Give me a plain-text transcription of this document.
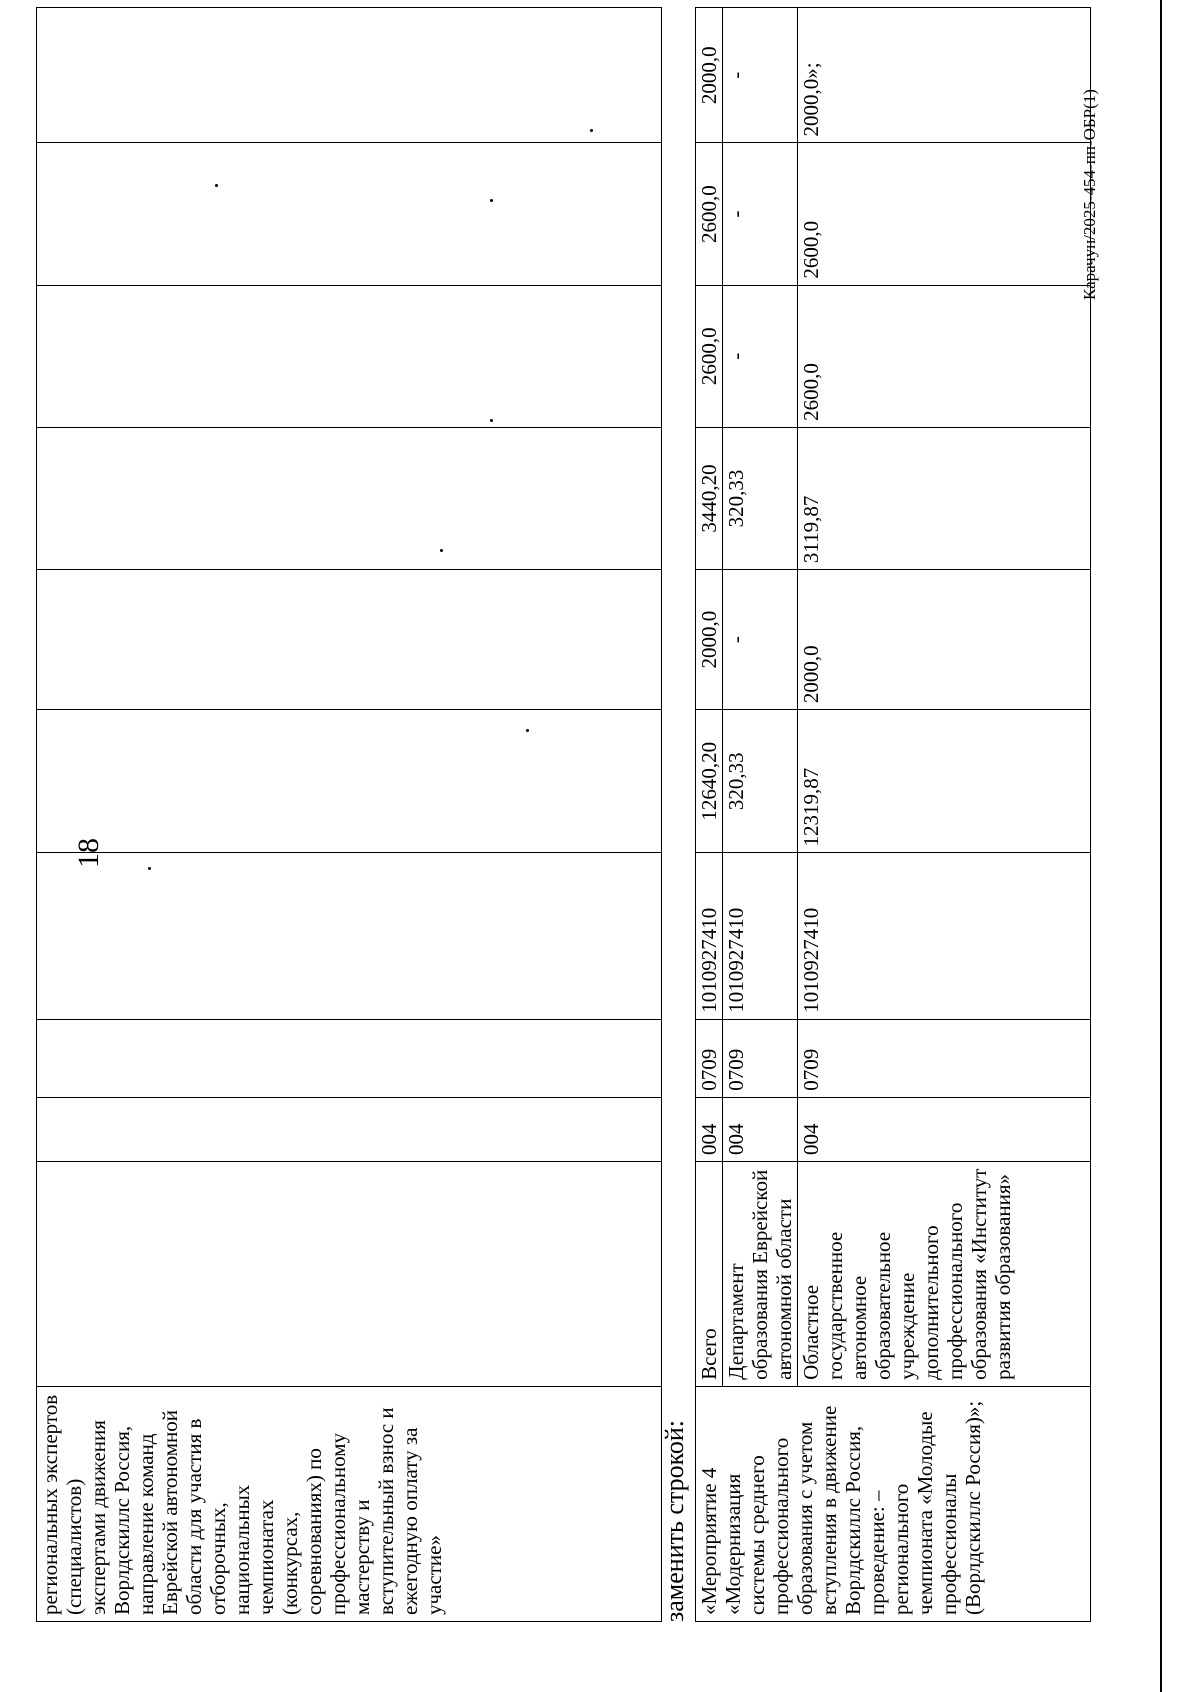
18
региональных экспертов (специалистов) экспертами движения Ворлдскиллс Россия, направление команд Еврейской автономной области для участия в отборочных, национальных чемпионатах (конкурсах, соревнованиях) по профессиональному мастерству и вступительный взнос и ежегодную оплату за участие»											заменить строкой: «Мероприятие 4 «Модернизация системы среднего профессионального образования с учетом вступления в движение Ворлдскиллс Россия, проведение: – регионального чемпионата «Молодые профессионалы (Ворлдскиллс Россия)»;	Всего	004	0709	1010927410	12640,20	2000,0	3440,20	2600,0	2600,0	2000,0
	Департамент образования Еврейской автономной области	004	0709	1010927410	320,33	-	320,33	-	-	-
	Областное государственное автономное образовательное учреждение дополнительного профессионального образования «Институт развития образования»	004	0709	1010927410	12319,87	2000,0	3119,87	2600,0	2600,0	2000,0»;	Карачун/2025-454-пп-ОБР(1)
